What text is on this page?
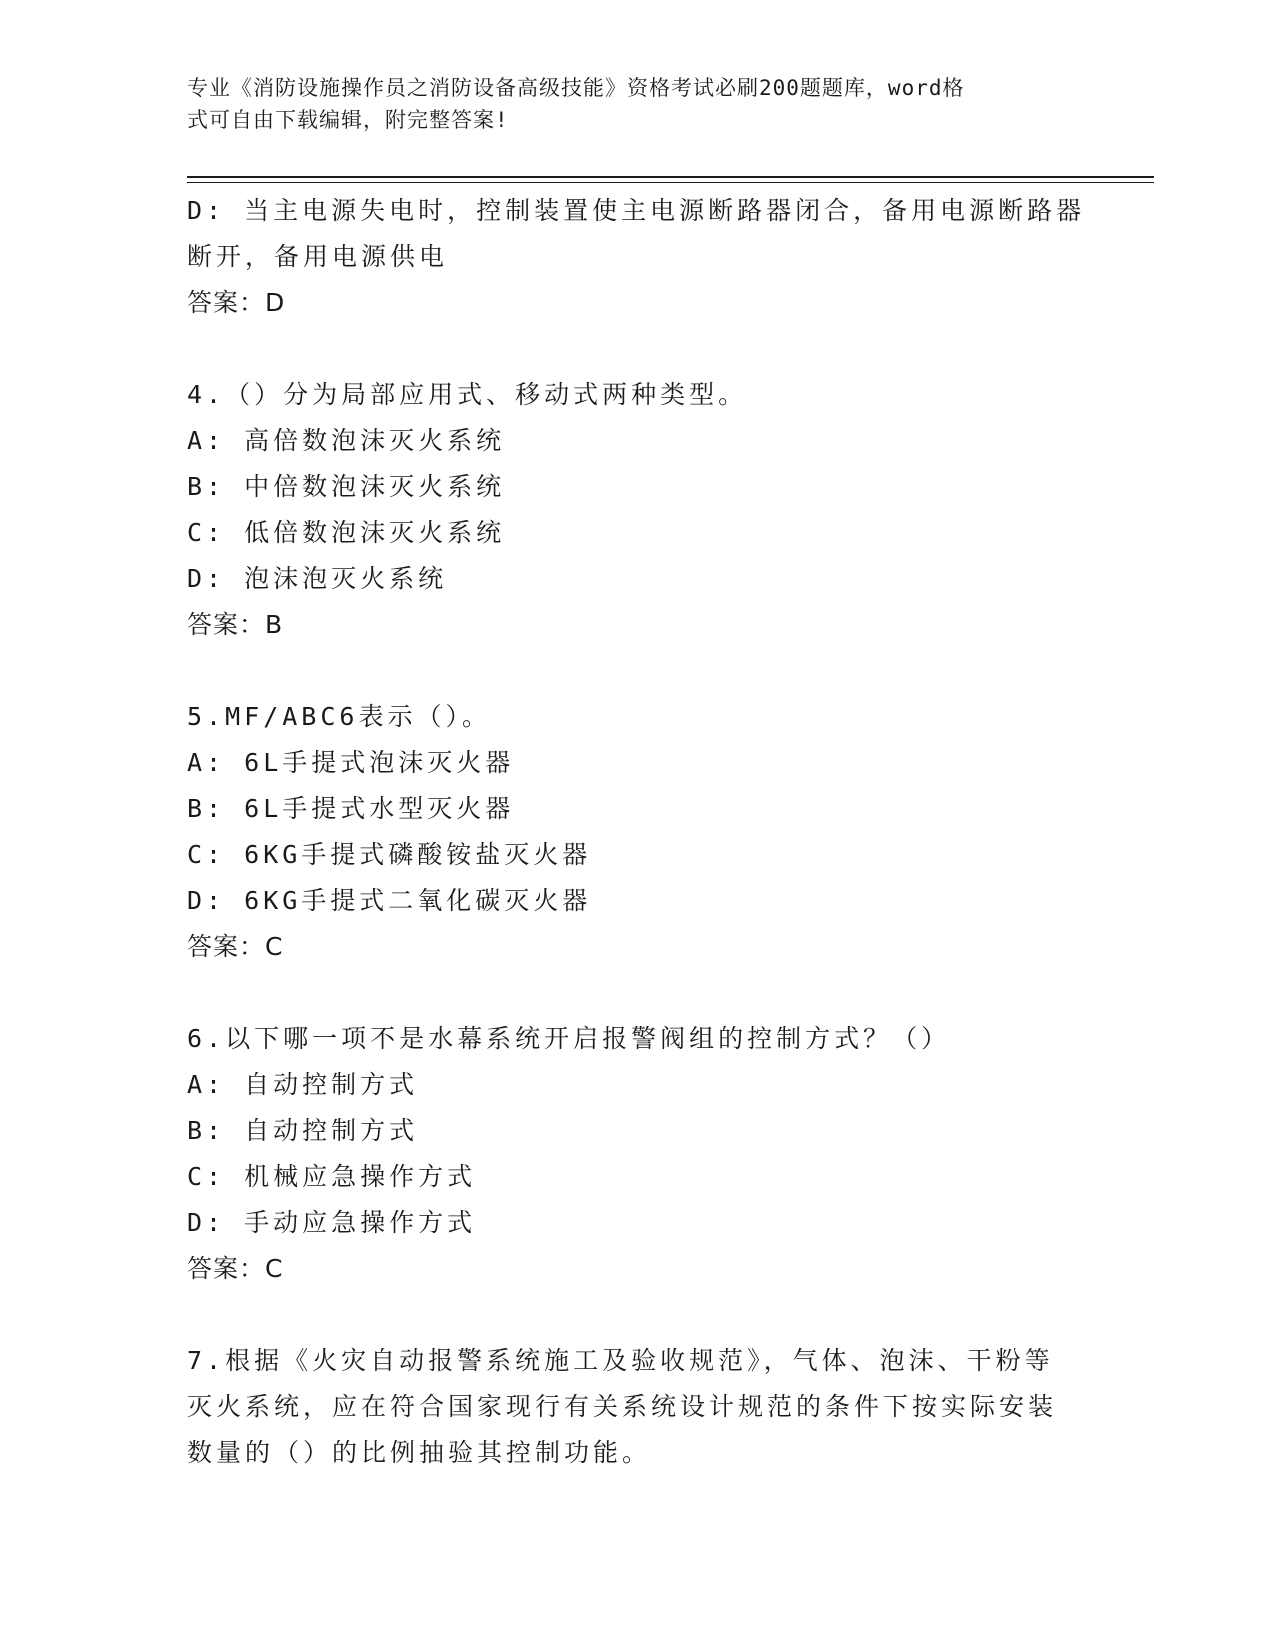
专业《消防设施操作员之消防设备高级技能》资格考试必刷200题题库，word格
式可自由下载编辑，附完整答案!
D: 当主电源失电时，控制装置使主电源断路器闭合，备用电源断路器
断开，备用电源供电
答案：D
4.（）分为局部应用式、移动式两种类型。
A: 高倍数泡沫灭火系统
B: 中倍数泡沫灭火系统
C: 低倍数泡沫灭火系统
D: 泡沫泡灭火系统
答案：B
5.MF/ABC6表示（）。
A: 6L手提式泡沫灭火器
B: 6L手提式水型灭火器
C: 6KG手提式磷酸铵盐灭火器
D: 6KG手提式二氧化碳灭火器
答案：C
6.以下哪一项不是水幕系统开启报警阀组的控制方式？（）
A: 自动控制方式
B: 自动控制方式
C: 机械应急操作方式
D: 手动应急操作方式
答案：C
7.根据《火灾自动报警系统施工及验收规范》，气体、泡沫、干粉等
灭火系统，应在符合国家现行有关系统设计规范的条件下按实际安装
数量的（）的比例抽验其控制功能。
